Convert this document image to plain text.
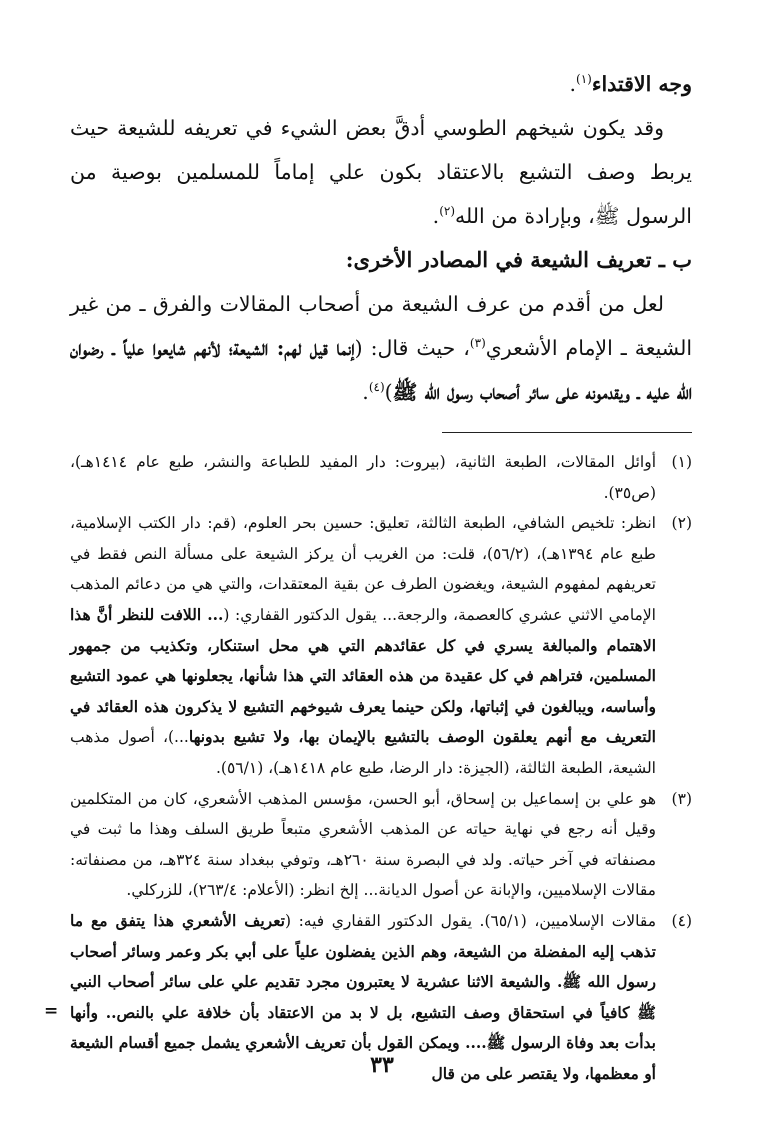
وجه الاقتداء$^{(١)}$.

وقد يكون شيخهم الطوسي أدقَّ بعض الشيء في تعريفه للشيعة حيث يربط وصف التشيع بالاعتقاد بكون علي إماماً للمسلمين بوصية من الرسول ﷺ، وبإرادة من الله$^{(٢)}$.

ب ـ تعريف الشيعة في المصادر الأخرى:

لعل من أقدم من عرف الشيعة من أصحاب المقالات والفرق ـ من غير الشيعة ـ الإمام الأشعري$^{(٣)}$، حيث قال: (إنما قيل لهم: الشيعة؛ لأنهم شايعوا علياً ـ رضوان الله عليه ـ ويقدمونه على سائر أصحاب رسول الله ﷺ)$^{(٤)}$.

(١)
أوائل المقالات، الطبعة الثانية، (بيروت: دار المفيد للطباعة والنشر، طبع عام ١٤١٤هـ)، (ص٣٥).
(٢)
انظر: تلخيص الشافي، الطبعة الثالثة، تعليق: حسين بحر العلوم، (قم: دار الكتب الإسلامية، طبع عام ١٣٩٤هـ)، (٥٦/٢)، قلت: من الغريب أن يركز الشيعة على مسألة النص فقط في تعريفهم لمفهوم الشيعة، ويغضون الطرف عن بقية المعتقدات، والتي هي من دعائم المذهب الإمامي الاثني عشري كالعصمة، والرجعة... يقول الدكتور القفاري: (... اللافت للنظر أنَّ هذا الاهتمام والمبالغة يسري في كل عقائدهم التي هي محل استنكار، وتكذيب من جمهور المسلمين، فتراهم في كل عقيدة من هذه العقائد التي هذا شأنها، يجعلونها هي عمود التشيع وأساسه، ويبالغون في إثباتها، ولكن حينما يعرف شيوخهم التشيع لا يذكرون هذه العقائد في التعريف مع أنهم يعلقون الوصف بالتشيع بالإيمان بها، ولا تشيع بدونها...)، أصول مذهب الشيعة، الطبعة الثالثة، (الجيزة: دار الرضا، طبع عام ١٤١٨هـ)، (٥٦/١).
(٣)
هو علي بن إسماعيل بن إسحاق، أبو الحسن، مؤسس المذهب الأشعري، كان من المتكلمين وقيل أنه رجع في نهاية حياته عن المذهب الأشعري متبعاً طريق السلف وهذا ما ثبت في مصنفاته في آخر حياته. ولد في البصرة سنة ٢٦٠هـ، وتوفي ببغداد سنة ٣٢٤هـ، من مصنفاته: مقالات الإسلاميين، والإبانة عن أصول الديانة... إلخ انظر: (الأعلام: ٢٦٣/٤)، للزركلي.
(٤)
مقالات الإسلاميين، (٦٥/١). يقول الدكتور القفاري فيه: (تعريف الأشعري هذا يتفق مع ما تذهب إليه المفضلة من الشيعة، وهم الذين يفضلون علياً على أبي بكر وعمر وسائر أصحاب رسول الله ﷺ. والشيعة الاثنا عشرية لا يعتبرون مجرد تقديم علي على سائر أصحاب النبي ﷺ كافياً في استحقاق وصف التشيع، بل لا بد من الاعتقاد بأن خلافة علي بالنص.. وأنها بدأت بعد وفاة الرسول ﷺ.... ويمكن القول بأن تعريف الأشعري يشمل جميع أقسام الشيعة أو معظمها، ولا يقتصر على من قال
=
٣٣
